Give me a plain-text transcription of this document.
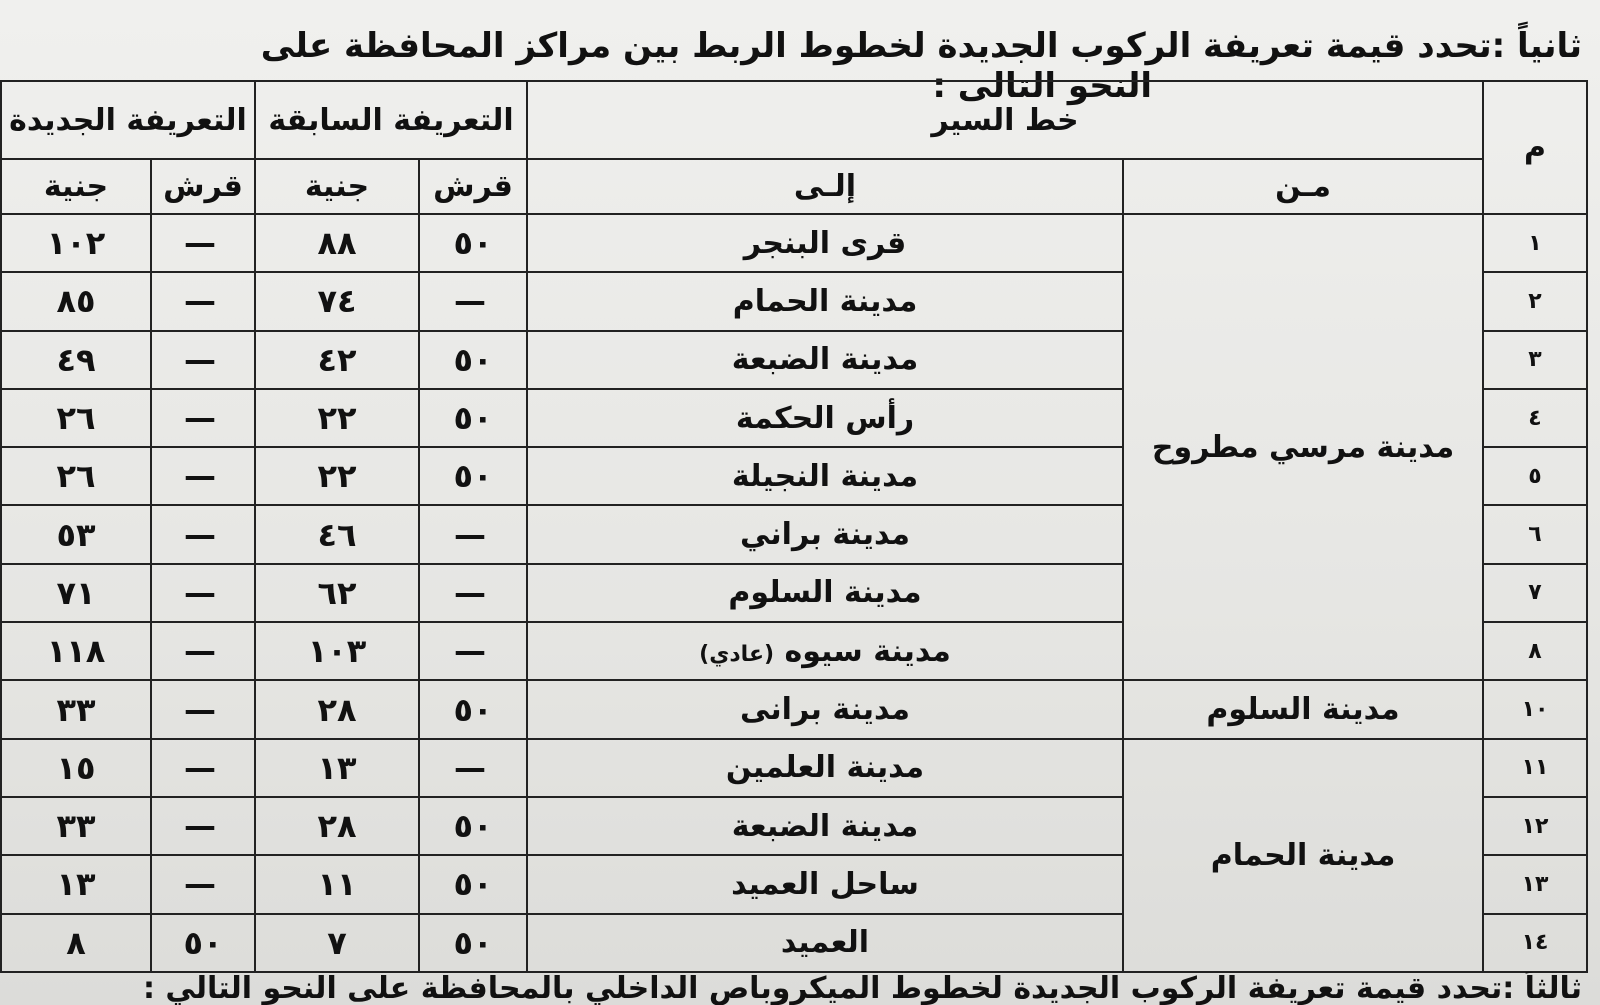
ثانياً :تحدد قيمة تعريفة الركوب الجديدة لخطوط الربط بين مراكز المحافظة على
النحو التالى :
م	خط السير		التعريفة السابقة		التعريفة الجديدة	
	مـن	إلـى	قرش	جنية	قرش	جنية
١	مدينة مرسي مطروح	قرى البنجر	٥٠	٨٨	—	١٠٢
٢		مدينة الحمام	—	٧٤	—	٨٥
٣		مدينة الضبعة	٥٠	٤٢	—	٤٩
٤		رأس الحكمة	٥٠	٢٢	—	٢٦
٥		مدينة النجيلة	٥٠	٢٢	—	٢٦
٦		مدينة براني	—	٤٦	—	٥٣
٧		مدينة السلوم	—	٦٢	—	٧١
٨		مدينة سيوه (عادي)	—	١٠٣	—	١١٨
١٠	مدينة السلوم	مدينة برانى	٥٠	٢٨	—	٣٣
١١	مدينة الحمام	مدينة العلمين	—	١٣	—	١٥
١٢		مدينة الضبعة	٥٠	٢٨	—	٣٣
١٣		ساحل العميد	٥٠	١١	—	١٣
١٤		العميد	٥٠	٧	٥٠	٨
ثالثاً :تحدد قيمة تعريفة الركوب الجديدة لخطوط الميكروباص الداخلي بالمحافظة على النحو التالي :
